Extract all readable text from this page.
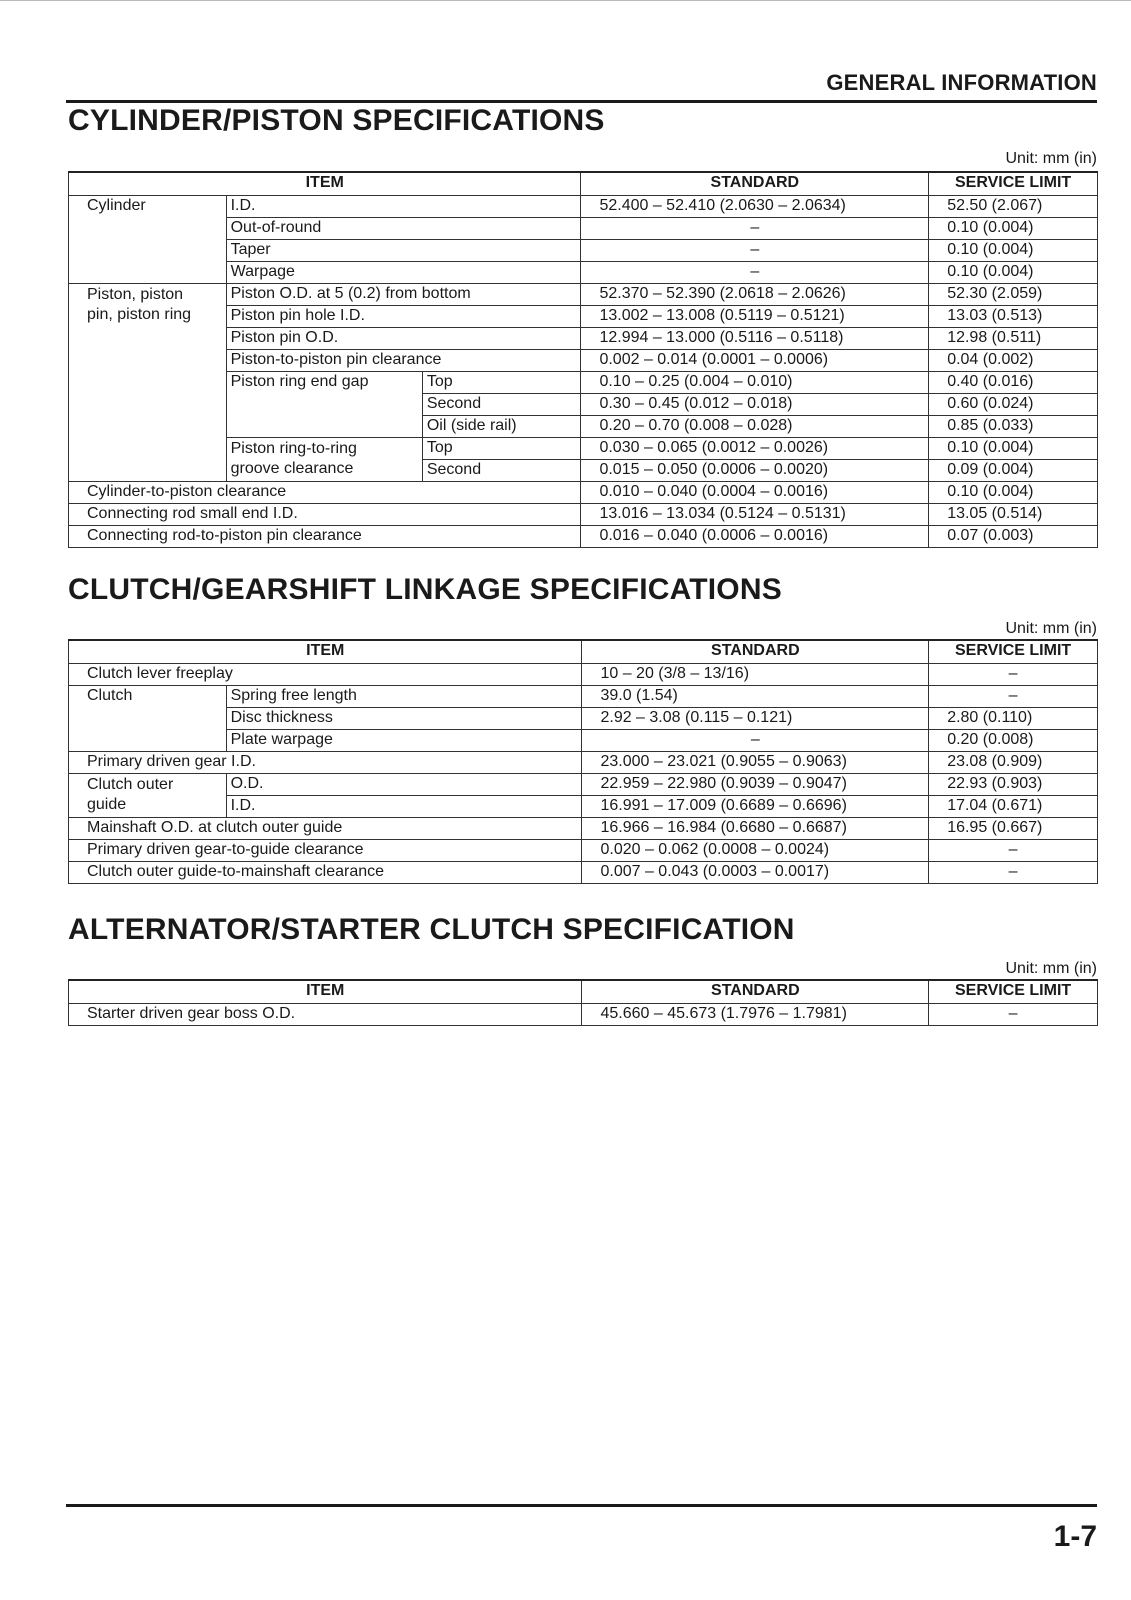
GENERAL INFORMATION
CYLINDER/PISTON SPECIFICATIONS
Unit: mm (in)
ITEM			STANDARD	SERVICE LIMIT
Cylinder	I.D.		52.400 – 52.410 (2.0630 – 2.0634)	52.50 (2.067)
	Out-of-round		–	0.10 (0.004)
	Taper		–	0.10 (0.004)
	Warpage		–	0.10 (0.004)
Piston, piston pin, piston ring	Piston O.D. at 5 (0.2) from bottom		52.370 – 52.390 (2.0618 – 2.0626)	52.30 (2.059)
	Piston pin hole I.D.		13.002 – 13.008 (0.5119 – 0.5121)	13.03 (0.513)
	Piston pin O.D.		12.994 – 13.000 (0.5116 – 0.5118)	12.98 (0.511)
	Piston-to-piston pin clearance		0.002 – 0.014 (0.0001 – 0.0006)	0.04 (0.002)
	Piston ring end gap	Top	0.10 – 0.25 (0.004 – 0.010)	0.40 (0.016)
		Second	0.30 – 0.45 (0.012 – 0.018)	0.60 (0.024)
		Oil (side rail)	0.20 – 0.70 (0.008 – 0.028)	0.85 (0.033)
	Piston ring-to-ring groove clearance	Top	0.030 – 0.065 (0.0012 – 0.0026)	0.10 (0.004)
		Second	0.015 – 0.050 (0.0006 – 0.0020)	0.09 (0.004)
Cylinder-to-piston clearance			0.010 – 0.040 (0.0004 – 0.0016)	0.10 (0.004)
Connecting rod small end I.D.			13.016 – 13.034 (0.5124 – 0.5131)	13.05 (0.514)
Connecting rod-to-piston pin clearance			0.016 – 0.040 (0.0006 – 0.0016)	0.07 (0.003)
CLUTCH/GEARSHIFT LINKAGE SPECIFICATIONS
Unit: mm (in)
ITEM		STANDARD	SERVICE LIMIT
Clutch lever freeplay		10 – 20 (3/8 – 13/16)	–
Clutch	Spring free length	39.0 (1.54)	–
	Disc thickness	2.92 – 3.08 (0.115 – 0.121)	2.80 (0.110)
	Plate warpage	–	0.20 (0.008)
Primary driven gear I.D.		23.000 – 23.021 (0.9055 – 0.9063)	23.08 (0.909)
Clutch outer guide	O.D.	22.959 – 22.980 (0.9039 – 0.9047)	22.93 (0.903)
	I.D.	16.991 – 17.009 (0.6689 – 0.6696)	17.04 (0.671)
Mainshaft O.D. at clutch outer guide		16.966 – 16.984 (0.6680 – 0.6687)	16.95 (0.667)
Primary driven gear-to-guide clearance		0.020 – 0.062 (0.0008 – 0.0024)	–
Clutch outer guide-to-mainshaft clearance		0.007 – 0.043 (0.0003 – 0.0017)	–
ALTERNATOR/STARTER CLUTCH SPECIFICATION
Unit: mm (in)
ITEM	STANDARD	SERVICE LIMIT
Starter driven gear boss O.D.	45.660 – 45.673 (1.7976 – 1.7981)	–
1-7
